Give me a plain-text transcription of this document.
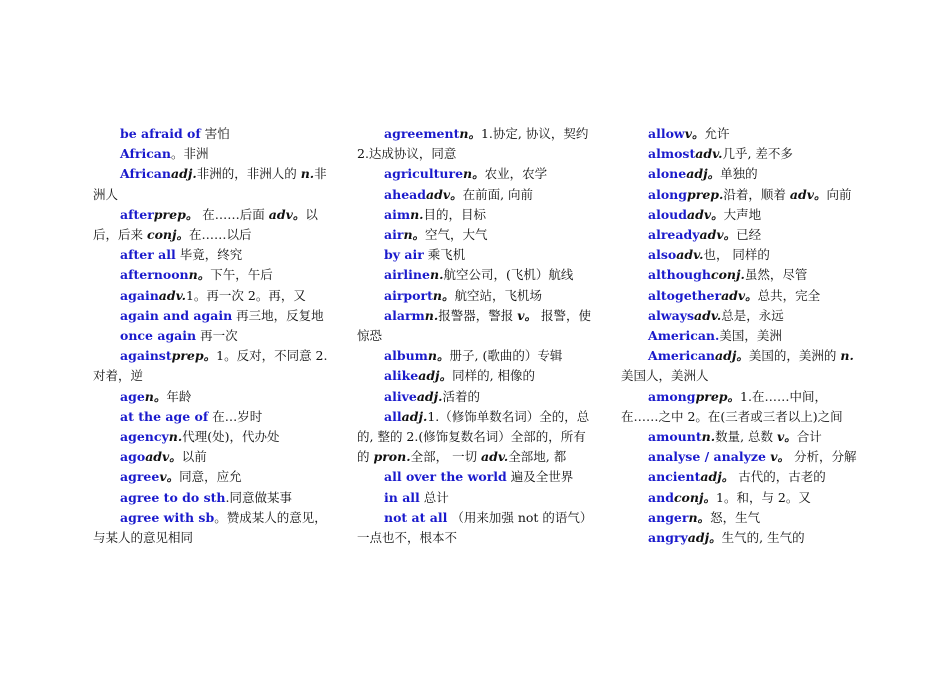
be afraid of 害怕

African。非洲

Africanadj.非洲的，非洲人的 n.非洲人

afterprep。 在……后面 adv。以后，后来 conj。在……以后

after all 毕竟，终究

afternoonn。下午，午后

againadv.1。再一次 2。再，又

again and again 再三地，反复地

once again 再一次

againstprep。1。反对，不同意 2.对着，逆

agen。年龄

at the age of 在…岁时

agencyn.代理(处)，代办处

agoadv。以前

agreev。同意，应允

agree to do sth.同意做某事

agree with sb。赞成某人的意见，与某人的意见相同

agreementn。1.协定, 协议，契约 2.达成协议，同意

agriculturen。农业，农学

aheadadv。在前面, 向前

aimn.目的，目标

airn。空气，大气

by air 乘飞机

airlinen.航空公司，(飞机）航线

airportn。航空站，飞机场

alarmn.报警器，警报 v。 报警，使惊恐

albumn。册子, (歌曲的）专辑

alikeadj。同样的, 相像的

aliveadj.活着的

alladj.1.（修饰单数名词）全的，总的, 整的 2.(修饰复数名词）全部的，所有的 pron.全部， 一切 adv.全部地, 都

all over the world 遍及全世界

in all 总计

not at all （用来加强 not 的语气）一点也不，根本不

allowv。允许

almostadv.几乎, 差不多

aloneadj。单独的

alongprep.沿着，顺着 adv。向前

aloudadv。大声地

alreadyadv。已经

alsoadv.也， 同样的

althoughconj.虽然，尽管

altogetheradv。总共，完全

alwaysadv.总是，永远

American.美国，美洲

Americanadj。美国的，美洲的 n.美国人，美洲人

amongprep。1.在……中间，在……之中 2。在(三者或三者以上)之间

amountn.数量, 总数 v。合计

analyse / analyze v。 分析，分解

ancientadj。 古代的，古老的

andconj。1。和，与 2。又

angern。怒，生气

angryadj。生气的, 生气的
